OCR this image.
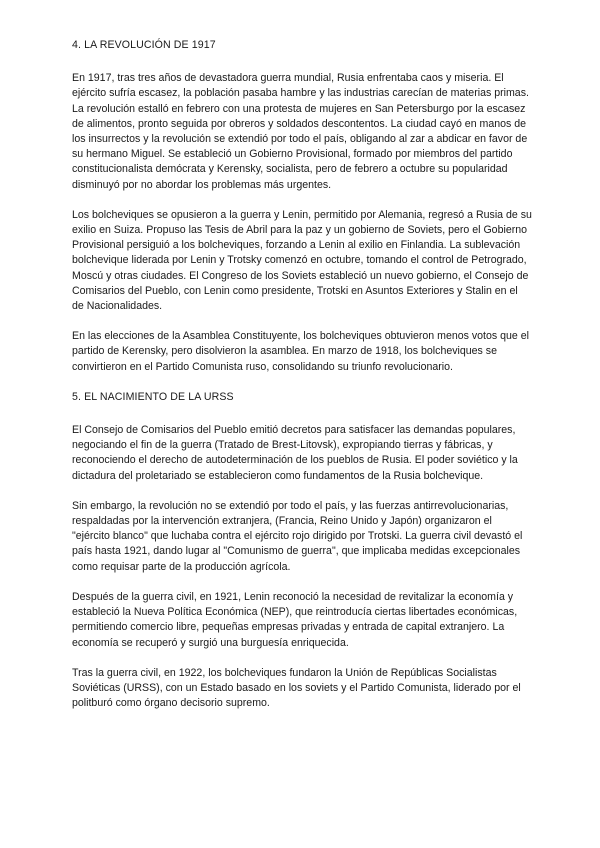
4. LA REVOLUCIÓN DE 1917

En 1917, tras tres años de devastadora guerra mundial, Rusia enfrentaba caos y miseria. El ejército sufría escasez, la población pasaba hambre y las industrias carecían de materias primas. La revolución estalló en febrero con una protesta de mujeres en San Petersburgo por la escasez de alimentos, pronto seguida por obreros y soldados descontentos. La ciudad cayó en manos de los insurrectos y la revolución se extendió por todo el país, obligando al zar a abdicar en favor de su hermano Miguel. Se estableció un Gobierno Provisional, formado por miembros del partido constitucionalista demócrata y Kerensky, socialista, pero de febrero a octubre su popularidad disminuyó por no abordar los problemas más urgentes.

Los bolcheviques se opusieron a la guerra y Lenin, permitido por Alemania, regresó a Rusia de su exilio en Suiza. Propuso las Tesis de Abril para la paz y un gobierno de Soviets, pero el Gobierno Provisional persiguió a los bolcheviques, forzando a Lenin al exilio en Finlandia. La sublevación bolchevique liderada por Lenin y Trotsky comenzó en octubre, tomando el control de Petrogrado, Moscú y otras ciudades. El Congreso de los Soviets estableció un nuevo gobierno, el Consejo de Comisarios del Pueblo, con Lenin como presidente, Trotski en Asuntos Exteriores y Stalin en el de Nacionalidades.

En las elecciones de la Asamblea Constituyente, los bolcheviques obtuvieron menos votos que el partido de Kerensky, pero disolvieron la asamblea. En marzo de 1918, los bolcheviques se convirtieron en el Partido Comunista ruso, consolidando su triunfo revolucionario.

5. EL NACIMIENTO DE LA URSS

El Consejo de Comisarios del Pueblo emitió decretos para satisfacer las demandas populares, negociando el fin de la guerra (Tratado de Brest-Litovsk), expropiando tierras y fábricas, y reconociendo el derecho de autodeterminación de los pueblos de Rusia. El poder soviético y la dictadura del proletariado se establecieron como fundamentos de la Rusia bolchevique.

Sin embargo, la revolución no se extendió por todo el país, y las fuerzas antirrevolucionarias, respaldadas por la intervención extranjera, (Francia, Reino Unido y Japón) organizaron el "ejército blanco" que luchaba contra el ejército rojo dirigido por Trotski. La guerra civil devastó el país hasta 1921, dando lugar al "Comunismo de guerra", que implicaba medidas excepcionales como requisar parte de la producción agrícola.

Después de la guerra civil, en 1921, Lenin reconoció la necesidad de revitalizar la economía y estableció la Nueva Política Económica (NEP), que reintroducía ciertas libertades económicas, permitiendo comercio libre, pequeñas empresas privadas y entrada de capital extranjero. La economía se recuperó y surgió una burguesía enriquecida.

Tras la guerra civil, en 1922, los bolcheviques fundaron la Unión de Repúblicas Socialistas Soviéticas (URSS), con un Estado basado en los soviets y el Partido Comunista, liderado por el politburó como órgano decisorio supremo.
